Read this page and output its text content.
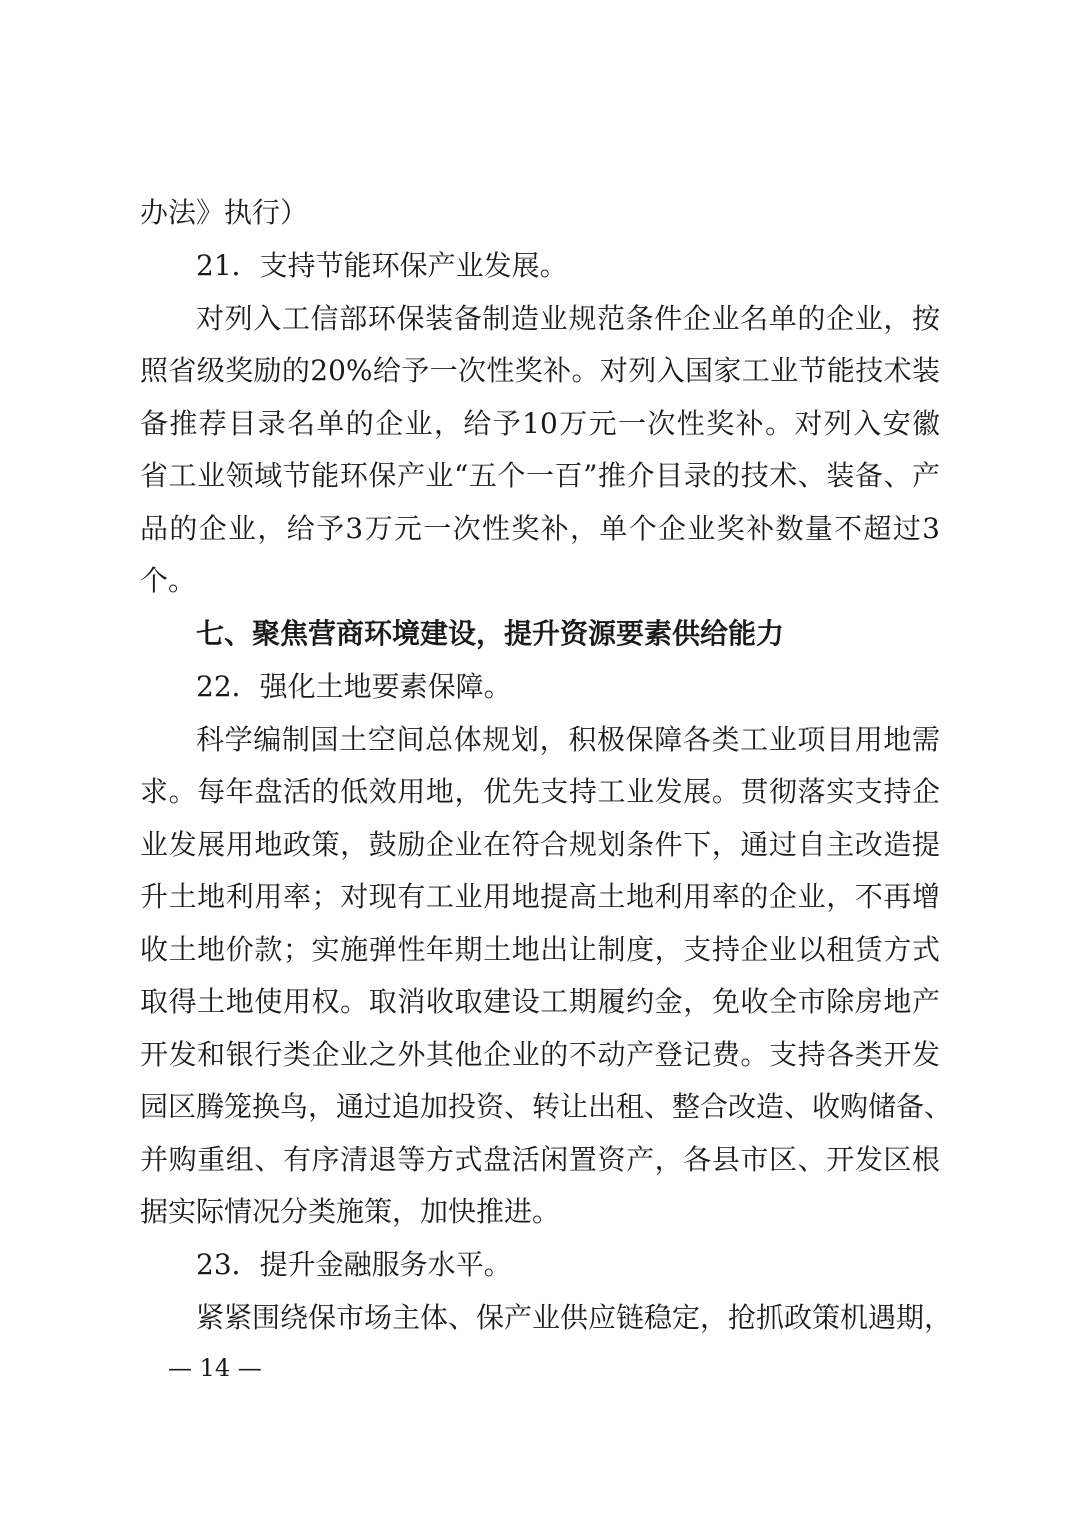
办法》执行）
21．支持节能环保产业发展。
对列入工信部环保装备制造业规范条件企业名单的企业，按
照省级奖励的20%给予一次性奖补。对列入国家工业节能技术装
备推荐目录名单的企业，给予10万元一次性奖补。对列入安徽
省工业领域节能环保产业“五个一百”推介目录的技术、装备、产
品的企业，给予3万元一次性奖补，单个企业奖补数量不超过3
个。
七、聚焦营商环境建设，提升资源要素供给能力
22．强化土地要素保障。
科学编制国土空间总体规划，积极保障各类工业项目用地需
求。每年盘活的低效用地，优先支持工业发展。贯彻落实支持企
业发展用地政策，鼓励企业在符合规划条件下，通过自主改造提
升土地利用率；对现有工业用地提高土地利用率的企业，不再增
收土地价款；实施弹性年期土地出让制度，支持企业以租赁方式
取得土地使用权。取消收取建设工期履约金，免收全市除房地产
开发和银行类企业之外其他企业的不动产登记费。支持各类开发
园区腾笼换鸟，通过追加投资、转让出租、整合改造、收购储备、
并购重组、有序清退等方式盘活闲置资产，各县市区、开发区根
据实际情况分类施策，加快推进。
23．提升金融服务水平。
紧紧围绕保市场主体、保产业供应链稳定，抢抓政策机遇期，
— 14 —
